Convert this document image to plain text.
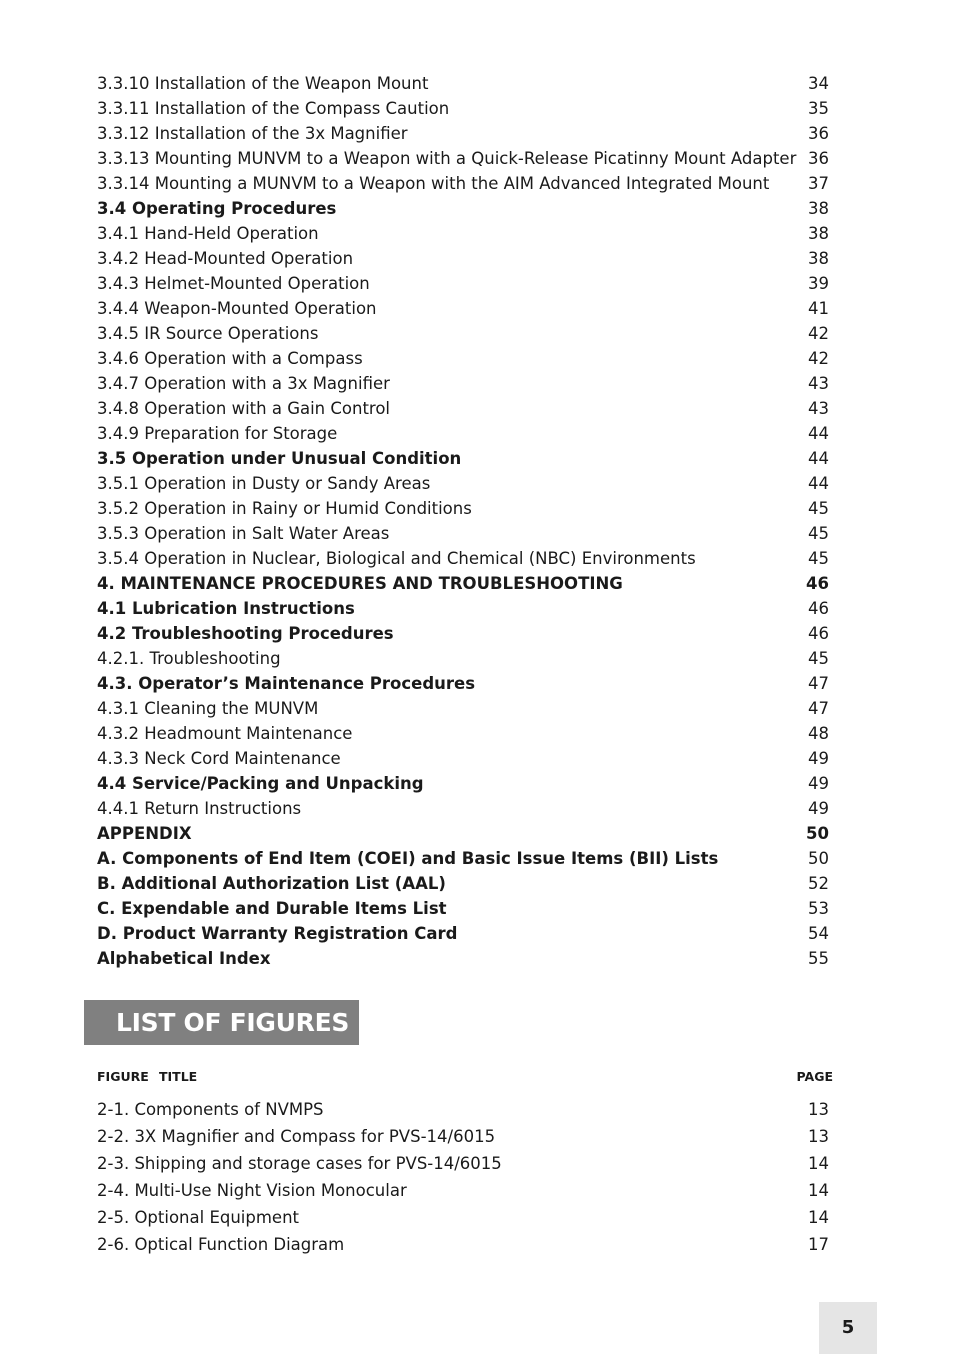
3.3.10 Installation of the Weapon Mount	34
3.3.11 Installation of the Compass Caution	35
3.3.12 Installation of the 3x Magnifier	36
3.3.13 Mounting MUNVM to a Weapon with a Quick-Release Picatinny Mount Adapter 36
3.3.14 Mounting a MUNVM to a Weapon with the AIM Advanced Integrated Mount 37
3.4 Operating Procedures	38
3.4.1 Hand-Held Operation	38
3.4.2 Head-Mounted Operation	38
3.4.3 Helmet-Mounted Operation	39
3.4.4 Weapon-Mounted Operation	41
3.4.5 IR Source Operations	42
3.4.6 Operation with a Compass	42
3.4.7 Operation with a 3x Magnifier	43
3.4.8 Operation with a Gain Control	43
3.4.9 Preparation for Storage	44
3.5 Operation under Unusual Condition	44
3.5.1 Operation in Dusty or Sandy Areas	44
3.5.2 Operation in Rainy or Humid Conditions	45
3.5.3 Operation in Salt Water Areas	45
3.5.4 Operation in Nuclear, Biological and Chemical (NBC) Environments	45
4. MAINTENANCE PROCEDURES AND TROUBLESHOOTING	46
4.1 Lubrication Instructions	46
4.2 Troubleshooting Procedures	46
4.2.1. Troubleshooting	45
4.3. Operator’s Maintenance Procedures	47
4.3.1 Cleaning the MUNVM	47
4.3.2 Headmount Maintenance	48
4.3.3 Neck Cord Maintenance	49
4.4 Service/Packing and Unpacking	49
4.4.1 Return Instructions	49
APPENDIX	50
A. Components of End Item (COEI) and Basic Issue Items (BII) Lists	50
B. Additional Authorization List (AAL)	52
C. Expendable and Durable Items List	53
D. Product Warranty Registration Card	54
Alphabetical Index	55
LIST OF FIGURES
FIGURE TITLE	PAGE
2-1. Components of NVMPS	13
2-2. 3X Magnifier and Compass for PVS-14/6015	13
2-3. Shipping and storage cases for PVS-14/6015	14
2-4. Multi-Use Night Vision Monocular	14
2-5. Optional Equipment	14
2-6. Optical Function Diagram	17
5
